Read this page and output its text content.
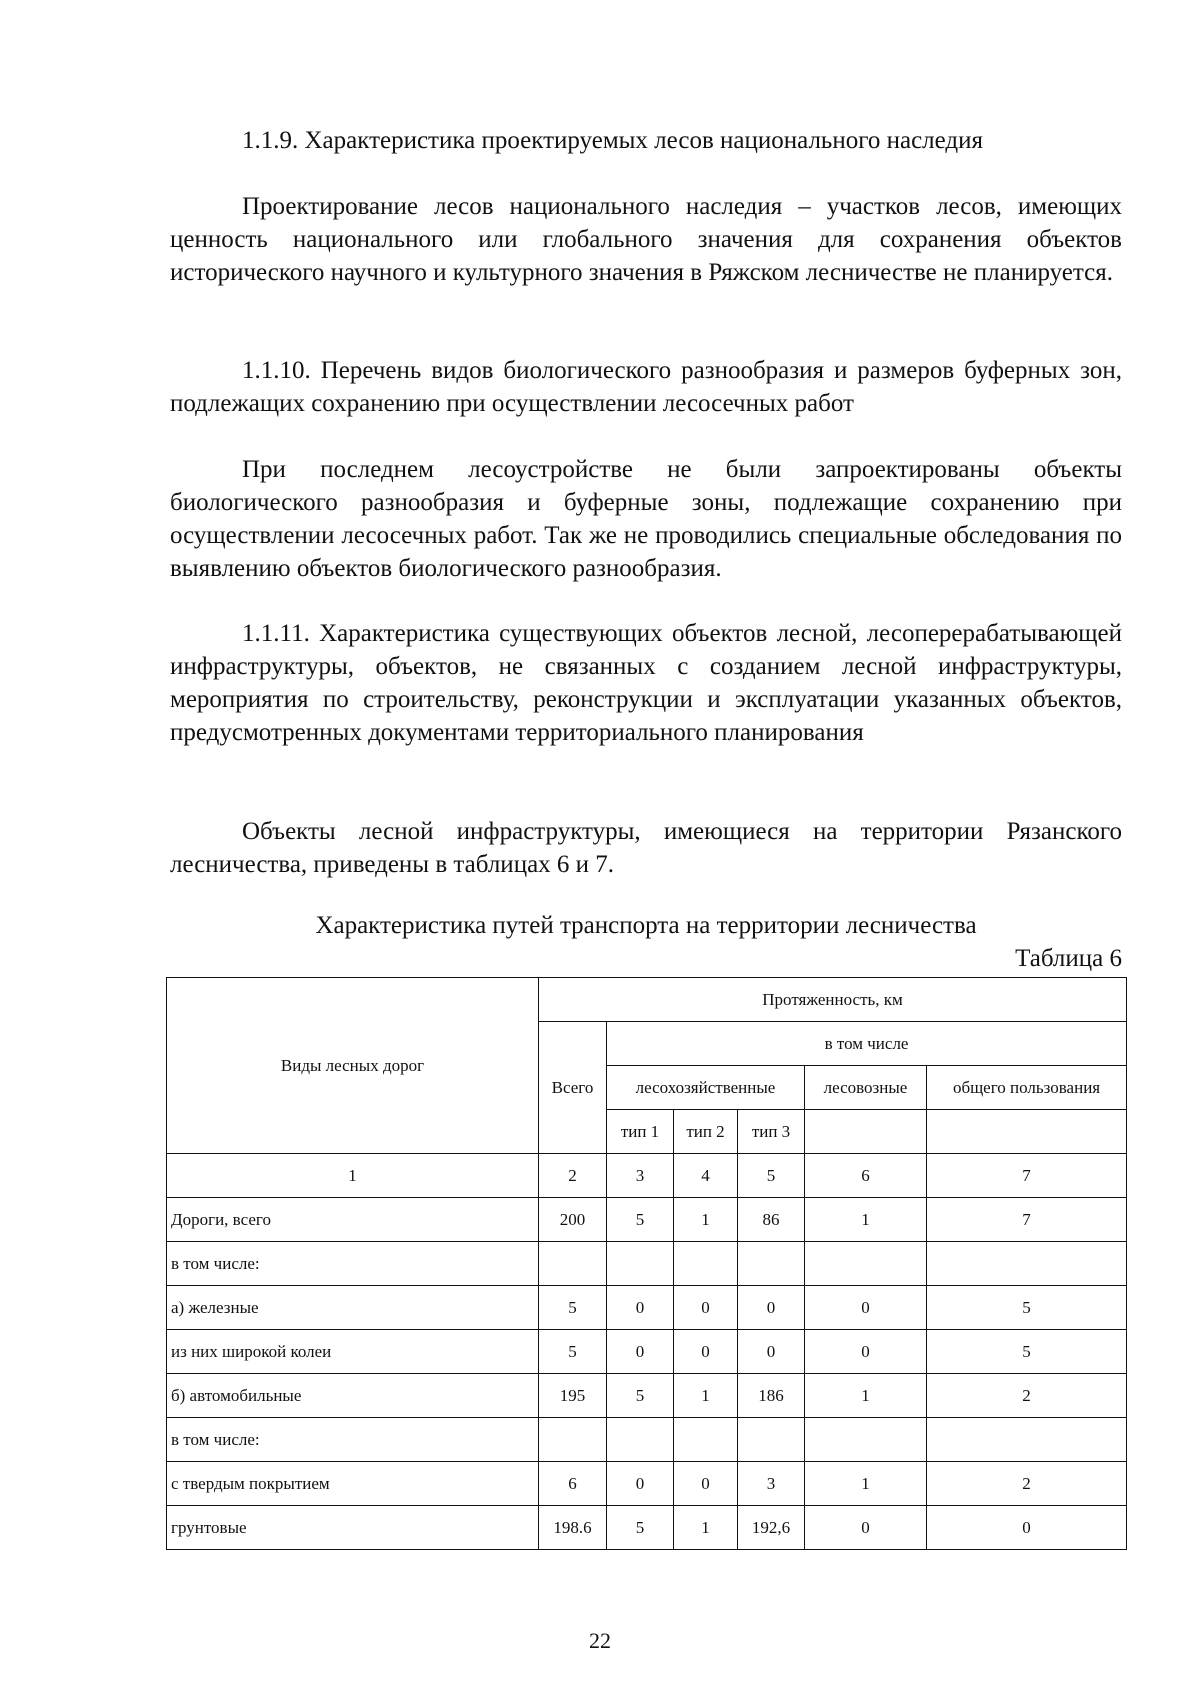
1.1.9. Характеристика проектируемых лесов национального наследия

Проектирование лесов национального наследия – участков лесов, имеющих ценность национального или глобального значения для сохранения объектов исторического научного и культурного значения в Ряжском лесничестве не планируется.

1.1.10. Перечень видов биологического разнообразия и размеров буферных зон, подлежащих сохранению при осуществлении лесосечных работ

При последнем лесоустройстве не были запроектированы объекты биологического разнообразия и буферные зоны, подлежащие сохранению при осуществлении лесосечных работ. Так же не проводились специальные обследования по выявлению объектов биологического разнообразия.

1.1.11. Характеристика существующих объектов лесной, лесоперерабатывающей инфраструктуры, объектов, не связанных с созданием лесной инфраструктуры, мероприятия по строительству, реконструкции и эксплуатации указанных объектов, предусмотренных документами территориального планирования

Объекты лесной инфраструктуры, имеющиеся на территории Рязанского лесничества, приведены в таблицах 6 и 7.

Характеристика путей транспорта на территории лесничества

Таблица 6

Виды лесных дорог	Протяженность, км					
	Всего	в том числе				
		лесохозяйственные			лесовозные	общего пользования
		тип 1	тип 2	тип 3		
1	2	3	4	5	6	7
Дороги, всего	200	5	1	86	1	7
в том числе:						
а) железные	5	0	0	0	0	5
из них широкой колеи	5	0	0	0	0	5
б) автомобильные	195	5	1	186	1	2
в том числе:						
с твердым покрытием	6	0	0	3	1	2
грунтовые	198.6	5	1	192,6	0	0
22
